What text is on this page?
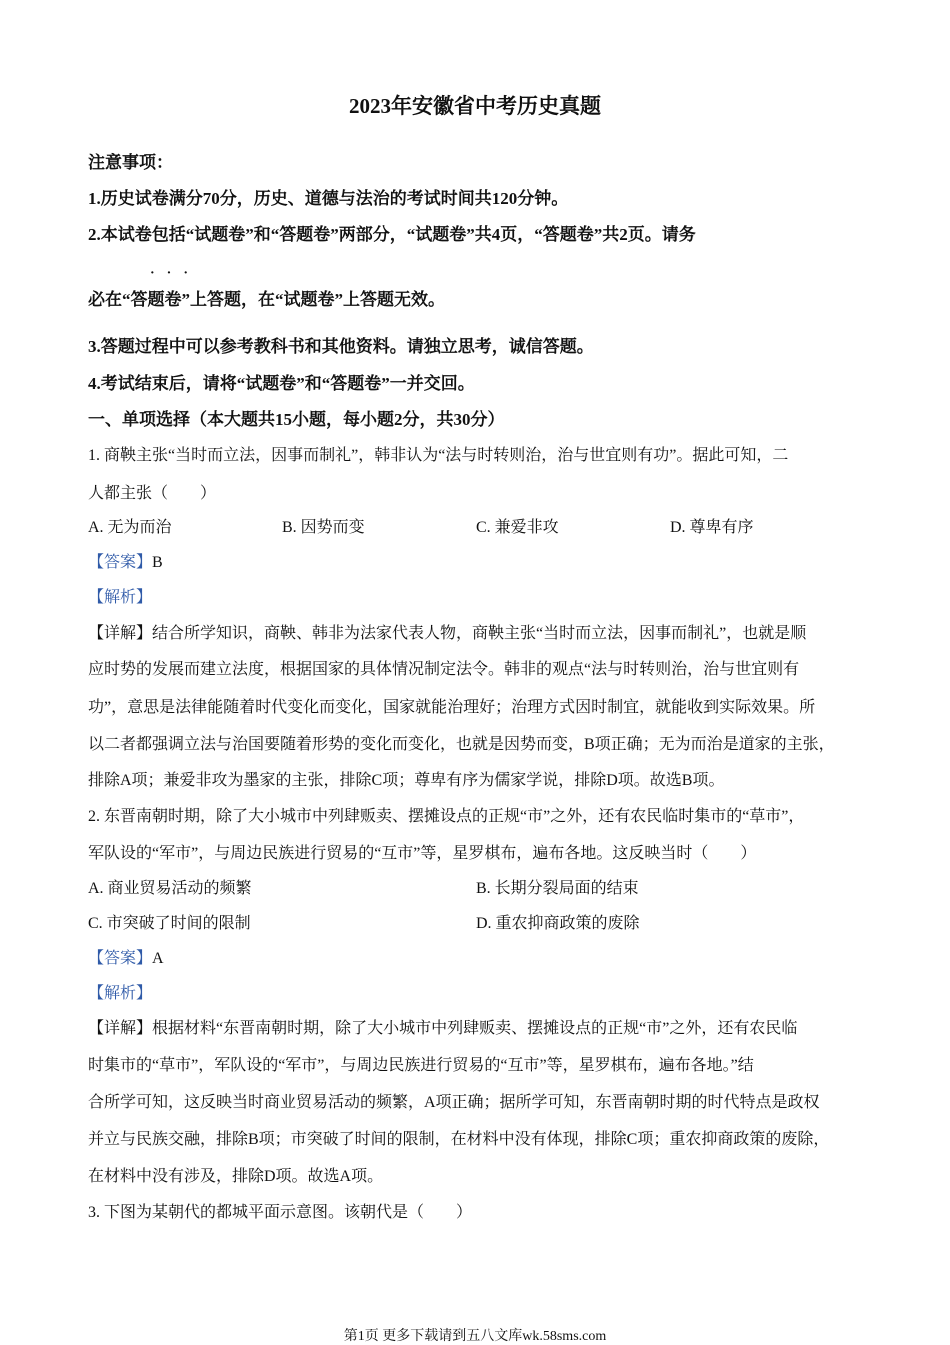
2023年安徽省中考历史真题
注意事项：
1.历史试卷满分70分，历史、道德与法治的考试时间共120分钟。
2.本试卷包括“试题卷”和“答题卷”两部分，“试题卷”共4页，“答题卷”共2页。请务
···
必在“答题卷”上答题，在“试题卷”上答题无效。
3.答题过程中可以参考教科书和其他资料。请独立思考，诚信答题。
4.考试结束后，请将“试题卷”和“答题卷”一并交回。
一、单项选择（本大题共15小题，每小题2分，共30分）
1. 商鞅主张“当时而立法，因事而制礼”，韩非认为“法与时转则治，治与世宜则有功”。据此可知，二
人都主张（　　）
A. 无为而治	B. 因势而变	C. 兼爱非攻	D. 尊卑有序
【答案】B
【解析】
【详解】结合所学知识，商鞅、韩非为法家代表人物，商鞅主张“当时而立法，因事而制礼”，也就是顺
应时势的发展而建立法度，根据国家的具体情况制定法令。韩非的观点“法与时转则治，治与世宜则有
功”，意思是法律能随着时代变化而变化，国家就能治理好；治理方式因时制宜，就能收到实际效果。所
以二者都强调立法与治国要随着形势的变化而变化，也就是因势而变，B项正确；无为而治是道家的主张，
排除A项；兼爱非攻为墨家的主张，排除C项；尊卑有序为儒家学说，排除D项。故选B项。
2. 东晋南朝时期，除了大小城市中列肆贩卖、摆摊设点的正规“市”之外，还有农民临时集市的“草市”，
军队设的“军市”，与周边民族进行贸易的“互市”等，星罗棋布，遍布各地。这反映当时（　　）
A. 商业贸易活动的频繁	B. 长期分裂局面的结束
C. 市突破了时间的限制	D. 重农抑商政策的废除
【答案】A
【解析】
【详解】根据材料“东晋南朝时期，除了大小城市中列肆贩卖、摆摊设点的正规“市”之外，还有农民临
时集市的“草市”，军队设的“军市”，与周边民族进行贸易的“互市”等，星罗棋布，遍布各地。”结
合所学可知，这反映当时商业贸易活动的频繁，A项正确；据所学可知，东晋南朝时期的时代特点是政权
并立与民族交融，排除B项；市突破了时间的限制，在材料中没有体现，排除C项；重农抑商政策的废除，
在材料中没有涉及，排除D项。故选A项。
3. 下图为某朝代的都城平面示意图。该朝代是（　　）
第1页 更多下载请到五八文库wk.58sms.com
